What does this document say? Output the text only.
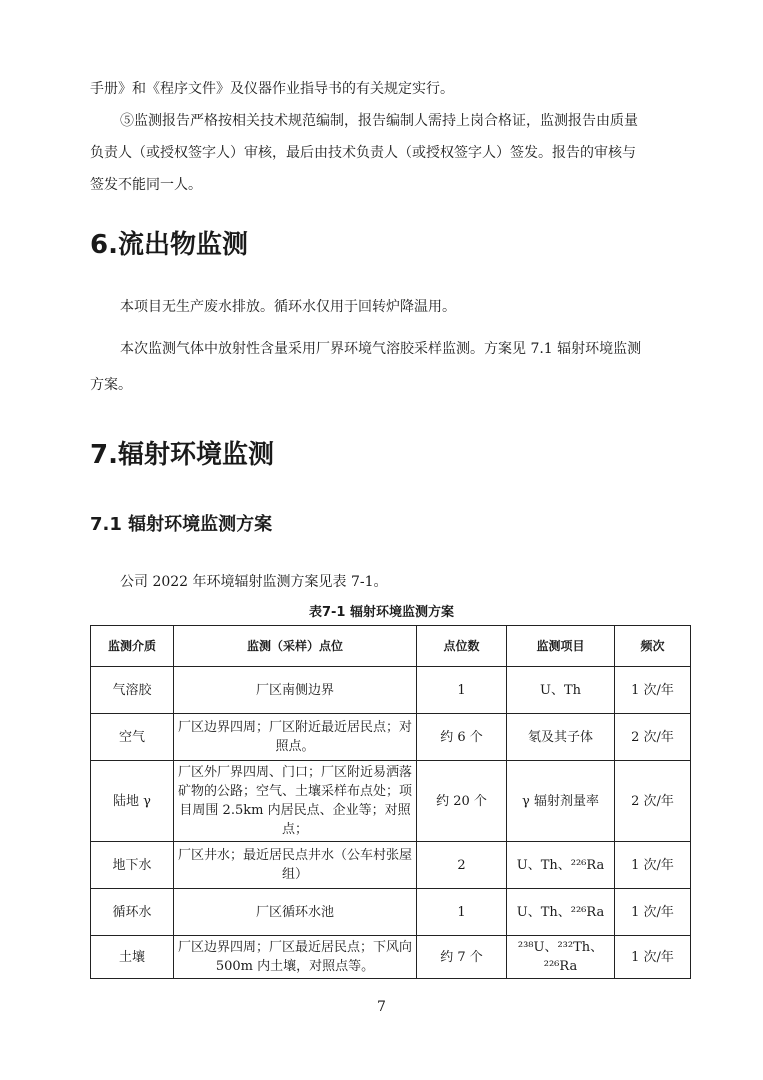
手册》和《程序文件》及仪器作业指导书的有关规定实行。
⑤监测报告严格按相关技术规范编制，报告编制人需持上岗合格证，监测报告由质量
负责人（或授权签字人）审核，最后由技术负责人（或授权签字人）签发。报告的审核与
签发不能同一人。
6.流出物监测
本项目无生产废水排放。循环水仅用于回转炉降温用。
本次监测气体中放射性含量采用厂界环境气溶胶采样监测。方案见 7.1 辐射环境监测
方案。
7.辐射环境监测
7.1 辐射环境监测方案
公司 2022 年环境辐射监测方案见表 7-1。
表7-1 辐射环境监测方案
监测介质	监测（采样）点位	点位数	监测项目	频次
气溶胶	厂区南侧边界	1	U、Th	1 次/年
空气	厂区边界四周；厂区附近最近居民点；对照点。	约 6 个	氡及其子体	2 次/年
陆地 γ	厂区外厂界四周、门口；厂区附近易洒落矿物的公路；空气、土壤采样布点处；项目周围 2.5km 内居民点、企业等；对照点；	约 20 个	γ 辐射剂量率	2 次/年
地下水	厂区井水；最近居民点井水（公车村张屋组）	2	U、Th、²²⁶Ra	1 次/年
循环水	厂区循环水池	1	U、Th、²²⁶Ra	1 次/年
土壤	厂区边界四周；厂区最近居民点；下风向 500m 内土壤，对照点等。	约 7 个	²³⁸U、²³²Th、²²⁶Ra	1 次/年
7
